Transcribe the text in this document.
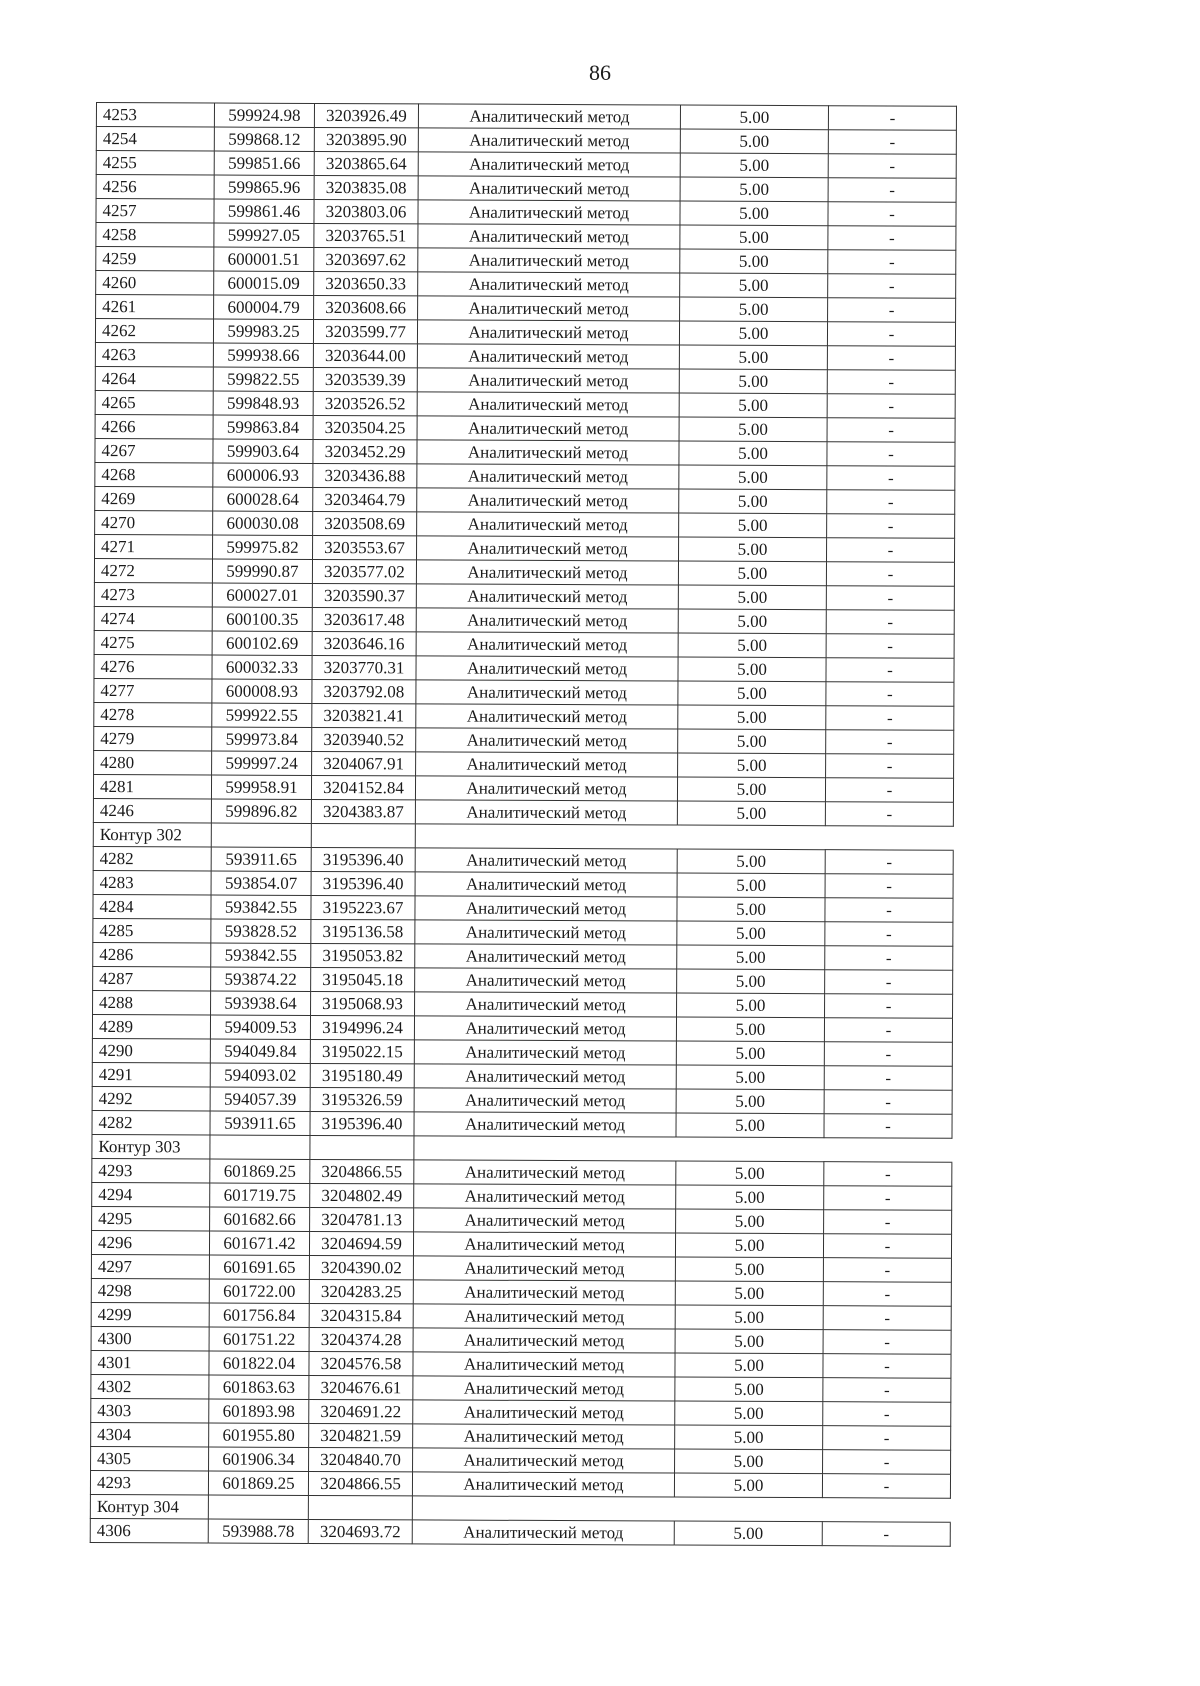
86
4253	599924.98	3203926.49	Аналитический метод	5.00	-
4254	599868.12	3203895.90	Аналитический метод	5.00	-
4255	599851.66	3203865.64	Аналитический метод	5.00	-
4256	599865.96	3203835.08	Аналитический метод	5.00	-
4257	599861.46	3203803.06	Аналитический метод	5.00	-
4258	599927.05	3203765.51	Аналитический метод	5.00	-
4259	600001.51	3203697.62	Аналитический метод	5.00	-
4260	600015.09	3203650.33	Аналитический метод	5.00	-
4261	600004.79	3203608.66	Аналитический метод	5.00	-
4262	599983.25	3203599.77	Аналитический метод	5.00	-
4263	599938.66	3203644.00	Аналитический метод	5.00	-
4264	599822.55	3203539.39	Аналитический метод	5.00	-
4265	599848.93	3203526.52	Аналитический метод	5.00	-
4266	599863.84	3203504.25	Аналитический метод	5.00	-
4267	599903.64	3203452.29	Аналитический метод	5.00	-
4268	600006.93	3203436.88	Аналитический метод	5.00	-
4269	600028.64	3203464.79	Аналитический метод	5.00	-
4270	600030.08	3203508.69	Аналитический метод	5.00	-
4271	599975.82	3203553.67	Аналитический метод	5.00	-
4272	599990.87	3203577.02	Аналитический метод	5.00	-
4273	600027.01	3203590.37	Аналитический метод	5.00	-
4274	600100.35	3203617.48	Аналитический метод	5.00	-
4275	600102.69	3203646.16	Аналитический метод	5.00	-
4276	600032.33	3203770.31	Аналитический метод	5.00	-
4277	600008.93	3203792.08	Аналитический метод	5.00	-
4278	599922.55	3203821.41	Аналитический метод	5.00	-
4279	599973.84	3203940.52	Аналитический метод	5.00	-
4280	599997.24	3204067.91	Аналитический метод	5.00	-
4281	599958.91	3204152.84	Аналитический метод	5.00	-
4246	599896.82	3204383.87	Аналитический метод	5.00	-
Контур 302					
4282	593911.65	3195396.40	Аналитический метод	5.00	-
4283	593854.07	3195396.40	Аналитический метод	5.00	-
4284	593842.55	3195223.67	Аналитический метод	5.00	-
4285	593828.52	3195136.58	Аналитический метод	5.00	-
4286	593842.55	3195053.82	Аналитический метод	5.00	-
4287	593874.22	3195045.18	Аналитический метод	5.00	-
4288	593938.64	3195068.93	Аналитический метод	5.00	-
4289	594009.53	3194996.24	Аналитический метод	5.00	-
4290	594049.84	3195022.15	Аналитический метод	5.00	-
4291	594093.02	3195180.49	Аналитический метод	5.00	-
4292	594057.39	3195326.59	Аналитический метод	5.00	-
4282	593911.65	3195396.40	Аналитический метод	5.00	-
Контур 303					
4293	601869.25	3204866.55	Аналитический метод	5.00	-
4294	601719.75	3204802.49	Аналитический метод	5.00	-
4295	601682.66	3204781.13	Аналитический метод	5.00	-
4296	601671.42	3204694.59	Аналитический метод	5.00	-
4297	601691.65	3204390.02	Аналитический метод	5.00	-
4298	601722.00	3204283.25	Аналитический метод	5.00	-
4299	601756.84	3204315.84	Аналитический метод	5.00	-
4300	601751.22	3204374.28	Аналитический метод	5.00	-
4301	601822.04	3204576.58	Аналитический метод	5.00	-
4302	601863.63	3204676.61	Аналитический метод	5.00	-
4303	601893.98	3204691.22	Аналитический метод	5.00	-
4304	601955.80	3204821.59	Аналитический метод	5.00	-
4305	601906.34	3204840.70	Аналитический метод	5.00	-
4293	601869.25	3204866.55	Аналитический метод	5.00	-
Контур 304					
4306	593988.78	3204693.72	Аналитический метод	5.00	-
